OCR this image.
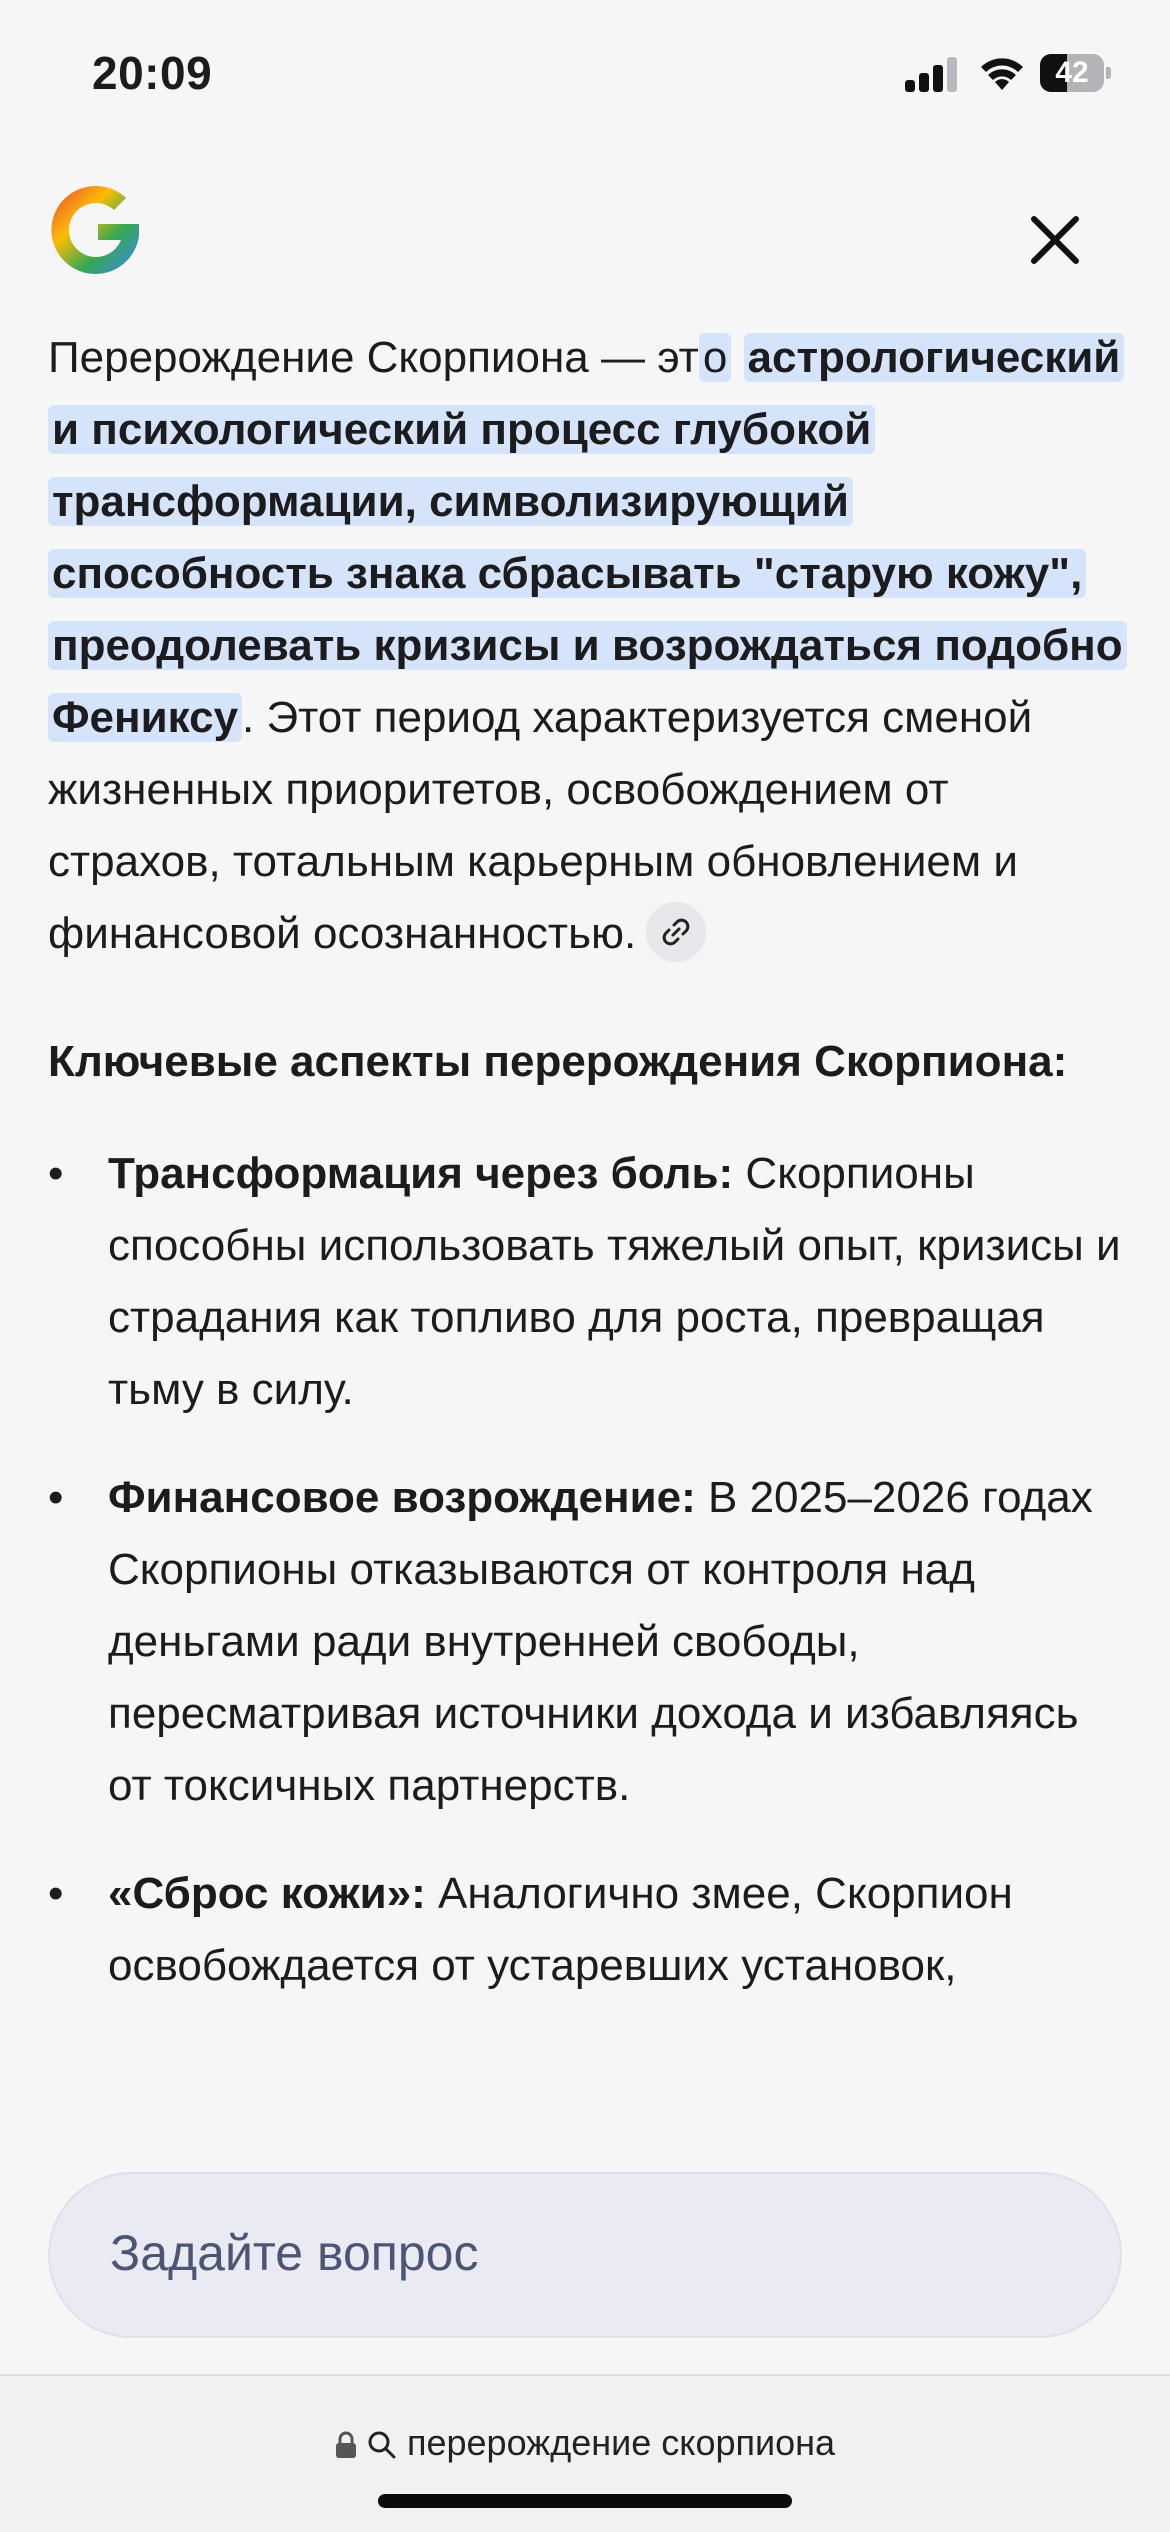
20:09	42

Перерождение Скорпиона — это астрологический и психологический процесс глубокой трансформации, символизирующий способность знака сбрасывать "старую кожу", преодолевать кризисы и возрождаться подобно Фениксу. Этот период характеризуется сменой жизненных приоритетов, освобождением от страхов, тотальным карьерным обновлением и финансовой осознанностью.

Ключевые аспекты перерождения Скорпиона:

• Трансформация через боль: Скорпионы способны использовать тяжелый опыт, кризисы и страдания как топливо для роста, превращая тьму в силу.
• Финансовое возрождение: В 2025–2026 годах Скорпионы отказываются от контроля над деньгами ради внутренней свободы, пересматривая источники дохода и избавляясь от токсичных партнерств.
• «Сброс кожи»: Аналогично змее, Скорпион освобождается от устаревших установок,
Задайте вопрос
перерождение скорпиона
